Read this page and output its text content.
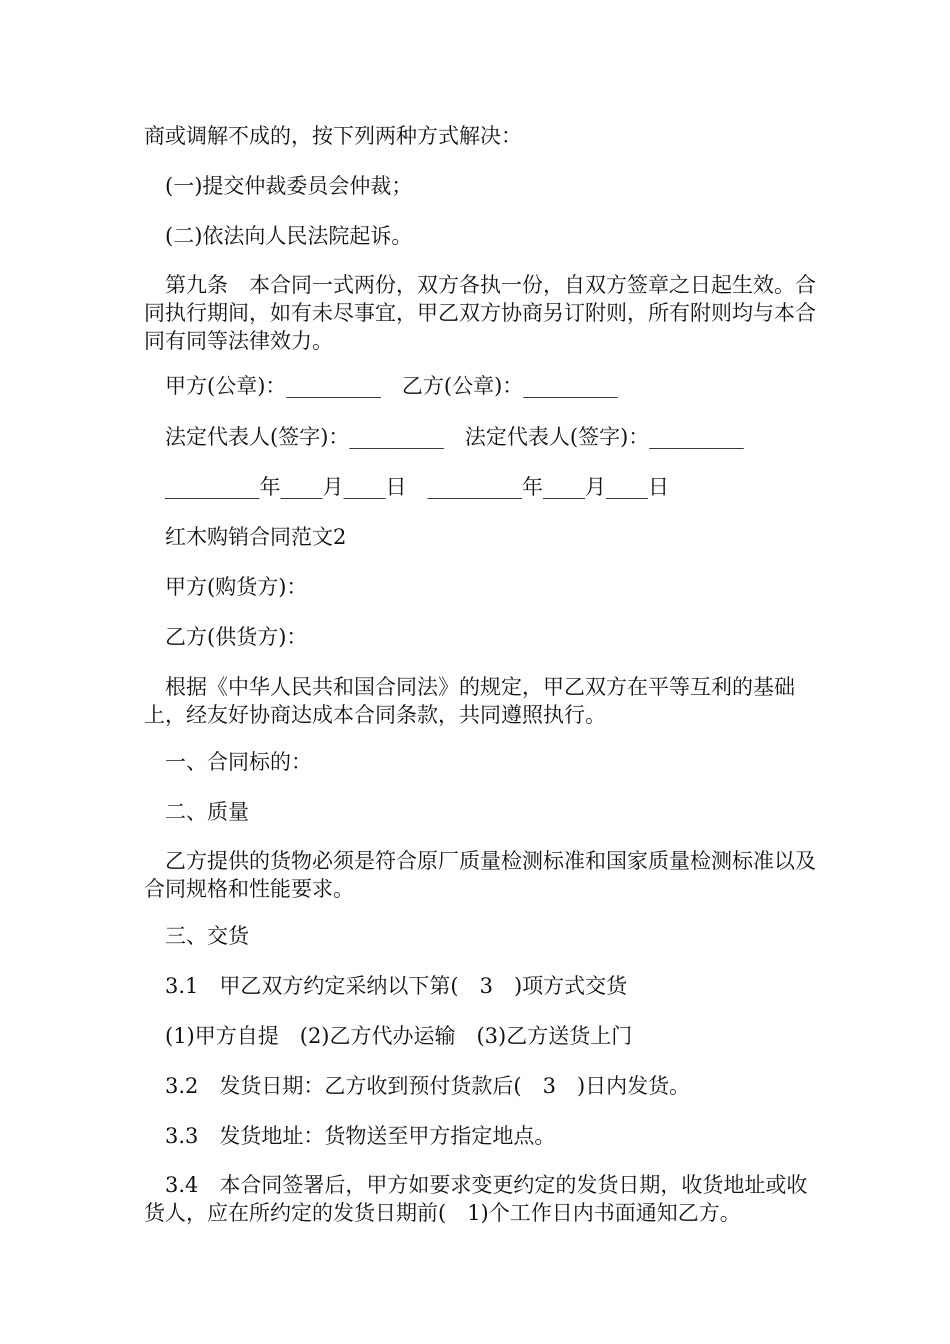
商或调解不成的，按下列两种方式解决：

　(一)提交仲裁委员会仲裁；

　(二)依法向人民法院起诉。

　第九条　本合同一式两份，双方各执一份，自双方签章之日起生效。合同执行期间，如有未尽事宜，甲乙双方协商另订附则，所有附则均与本合同有同等法律效力。

　甲方(公章)：_________　乙方(公章)：_________

　法定代表人(签字)：_________　法定代表人(签字)：_________

　_________年____月____日　_________年____月____日

　红木购销合同范文2

　甲方(购货方)：

　乙方(供货方)：

　根据《中华人民共和国合同法》的规定，甲乙双方在平等互利的基础上，经友好协商达成本合同条款，共同遵照执行。

　一、合同标的：

　二、质量

　乙方提供的货物必须是符合原厂质量检测标准和国家质量检测标准以及合同规格和性能要求。

　三、交货

　3.1　甲乙双方约定采纳以下第(　3　)项方式交货

　(1)甲方自提　(2)乙方代办运输　(3)乙方送货上门

　3.2　发货日期：乙方收到预付货款后(　3　)日内发货。

　3.3　发货地址：货物送至甲方指定地点。

　3.4　本合同签署后，甲方如要求变更约定的发货日期，收货地址或收货人，应在所约定的发货日期前(　1)个工作日内书面通知乙方。
